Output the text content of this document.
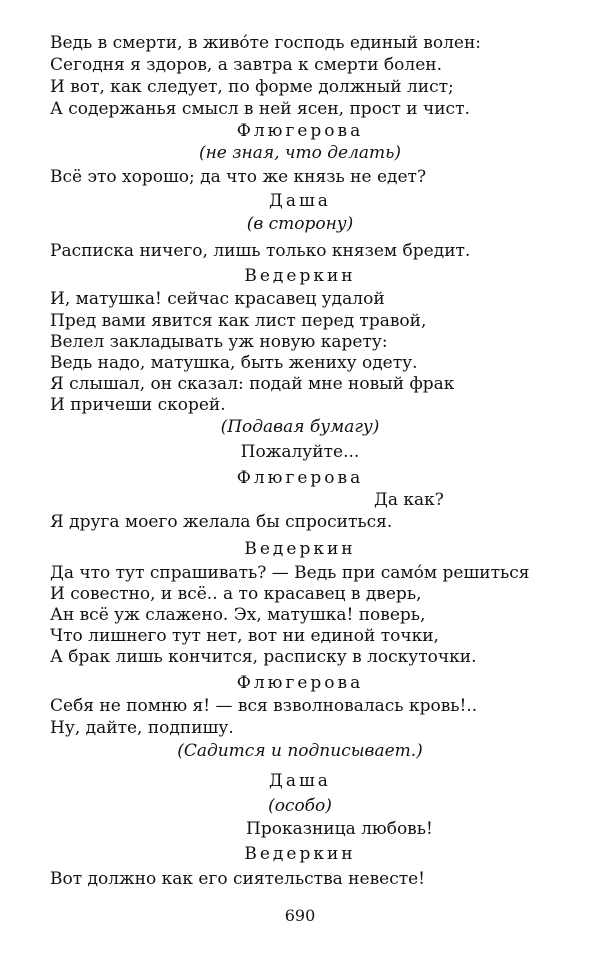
Ведь в смерти, в живо́те господь единый волен:
Сегодня я здоров, а завтра к смерти болен.
И вот, как следует, по форме должный лист;
А содержанья смысл в ней ясен, прост и чист.
Флюгерова
(не зная, что делать)
Всё это хорошо; да что же князь не едет?
Даша
(в сторону)
Расписка ничего, лишь только князем бредит.
Ведеркин
И, матушка! сейчас красавец удалой
Пред вами явится как лист перед травой,
Велел закладывать уж новую карету:
Ведь надо, матушка, быть жениху одету.
Я слышал, он сказал: подай мне новый фрак
И причеши скорей.
(Подавая бумагу)
Пожалуйте...
Флюгерова
Да как?
Я друга моего желала бы спроситься.
Ведеркин
Да что тут спрашивать? — Ведь при само́м решиться
И совестно, и всё.. а то красавец в дверь,
Ан всё уж слажено. Эх, матушка! поверь,
Что лишнего тут нет, вот ни единой точки,
А брак лишь кончится, расписку в лоскуточки.
Флюгерова
Себя не помню я! — вся взволновалась кровь!..
Ну, дайте, подпишу.
(Садится и подписывает.)
Даша
(особо)
Проказница любовь!
Ведеркин
Вот должно как его сиятельства невесте!
690
